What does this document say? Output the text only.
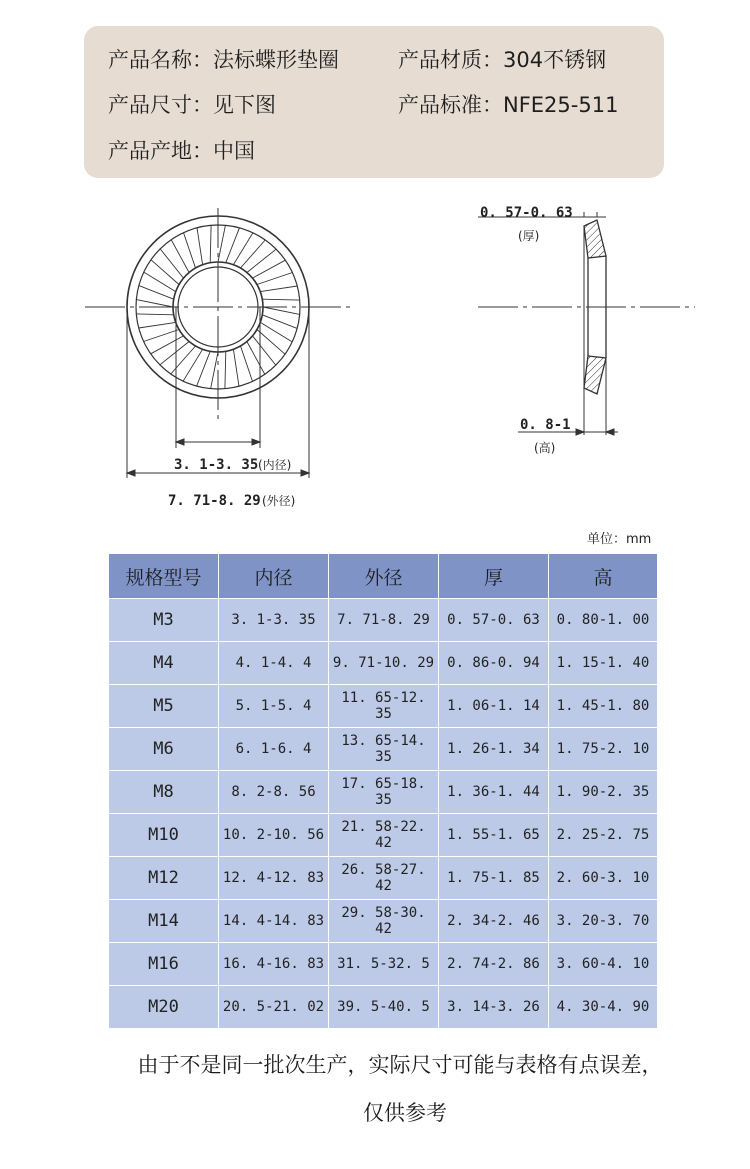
产品名称：法标蝶形垫圈	产品材质：304不锈钢
产品尺寸：见下图	产品标准：NFE25-511
产品产地：中国
3. 1-3. 35 (内径)
7. 71-8. 29 (外径)
0. 57-0. 63
(厚)
0. 8-1
(高)
单位：mm
规格型号	内径	外径	厚	高
M3	3. 1-3. 35	7. 71-8. 29	0. 57-0. 63	0. 80-1. 00
M4	4. 1-4. 4	9. 71-10. 29	0. 86-0. 94	1. 15-1. 40
M5	5. 1-5. 4	11. 65-12. 35	1. 06-1. 14	1. 45-1. 80
M6	6. 1-6. 4	13. 65-14. 35	1. 26-1. 34	1. 75-2. 10
M8	8. 2-8. 56	17. 65-18. 35	1. 36-1. 44	1. 90-2. 35
M10	10. 2-10. 56	21. 58-22. 42	1. 55-1. 65	2. 25-2. 75
M12	12. 4-12. 83	26. 58-27. 42	1. 75-1. 85	2. 60-3. 10
M14	14. 4-14. 83	29. 58-30. 42	2. 34-2. 46	3. 20-3. 70
M16	16. 4-16. 83	31. 5-32. 5	2. 74-2. 86	3. 60-4. 10
M20	20. 5-21. 02	39. 5-40. 5	3. 14-3. 26	4. 30-4. 90
由于不是同一批次生产，实际尺寸可能与表格有点误差，
仅供参考
